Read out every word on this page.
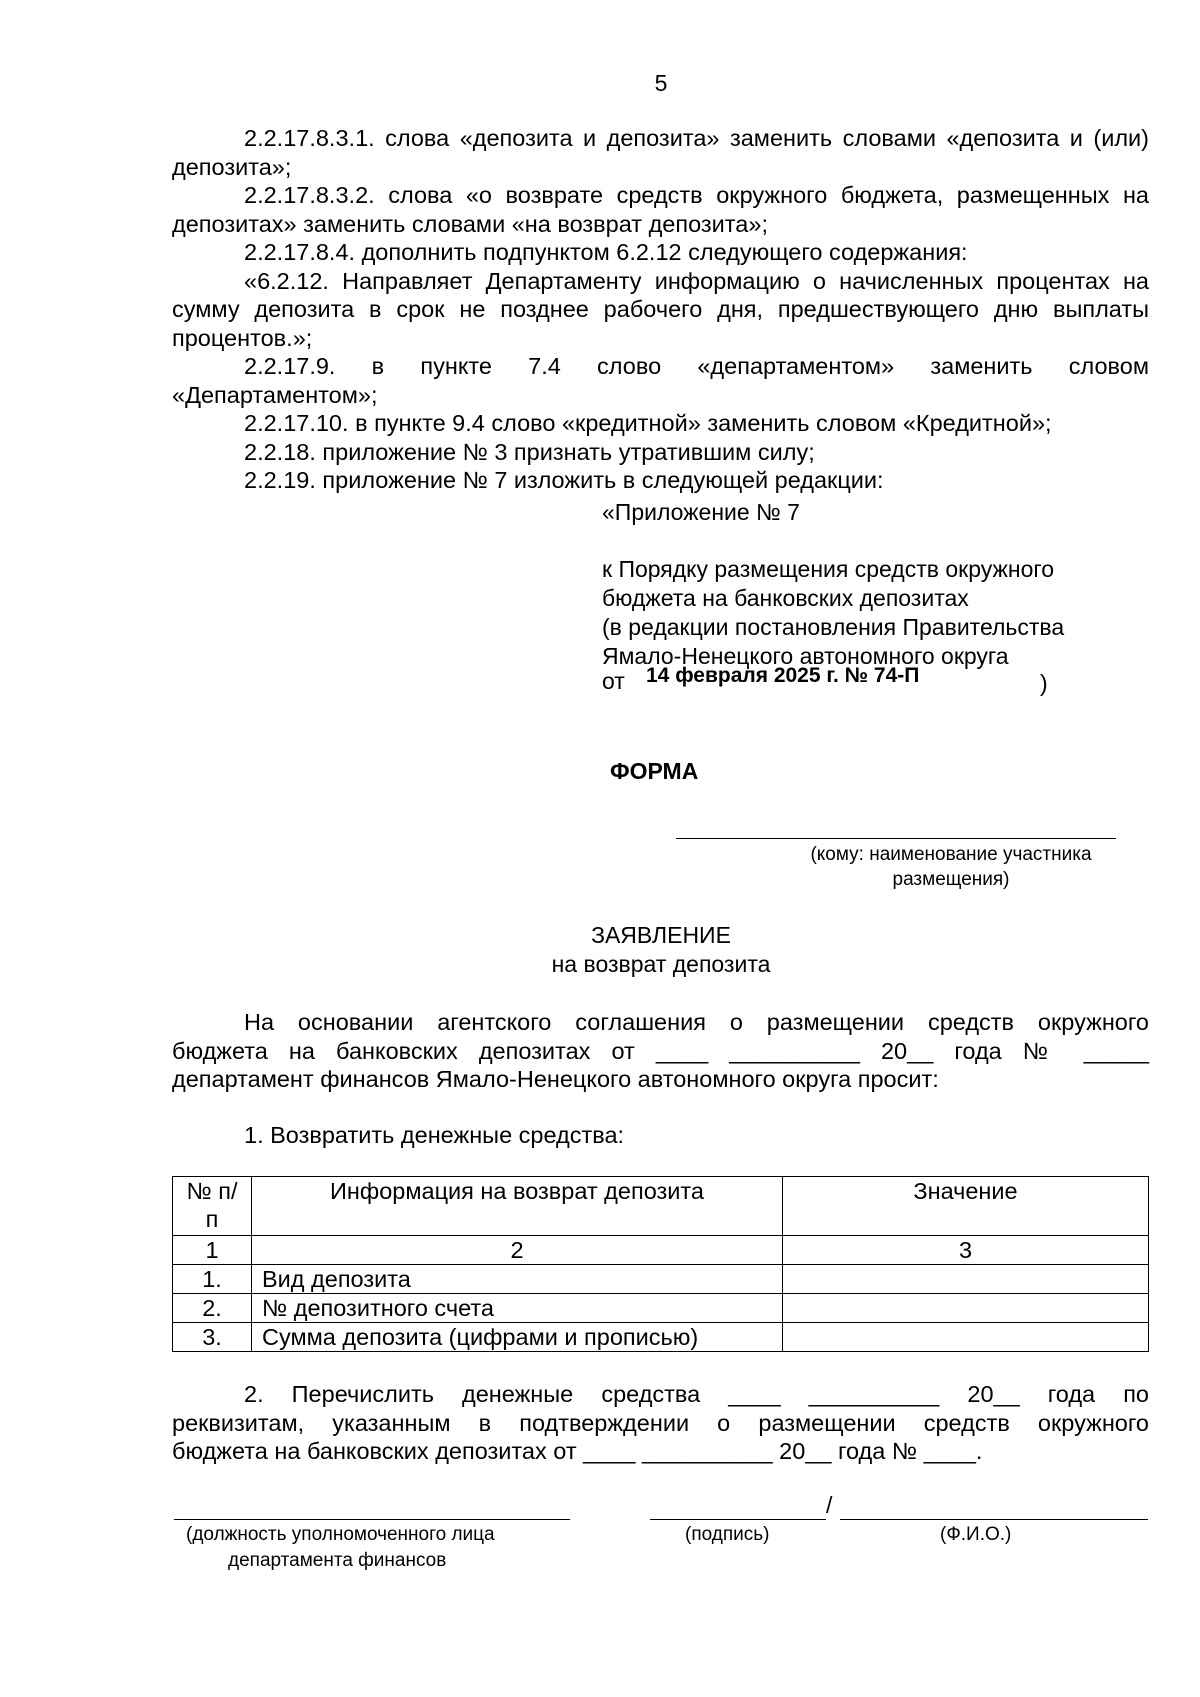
5

2.2.17.8.3.1. слова «депозита и депозита» заменить словами «депозита и (или) депозита»;

2.2.17.8.3.2. слова «о возврате средств окружного бюджета, размещенных на депозитах» заменить словами «на возврат депозита»;

2.2.17.8.4. дополнить подпунктом 6.2.12 следующего содержания:

«6.2.12. Направляет Департаменту информацию о начисленных процентах на сумму депозита в срок не позднее рабочего дня, предшествующего дню выплаты процентов.»;

2.2.17.9. в пункте 7.4 слово «департаментом» заменить словом «Департаментом»;

2.2.17.10. в пункте 9.4 слово «кредитной» заменить словом «Кредитной»;

2.2.18. приложение № 3 признать утратившим силу;

2.2.19. приложение № 7 изложить в следующей редакции:

«Приложение № 7
к Порядку размещения средств окружного
бюджета на банковских депозитах
(в редакции постановления Правительства
Ямало-Ненецкого автономного округа
от 14 февраля 2025 г. № 74-П	)
ФОРМА
(кому: наименование участника
размещения)
ЗАЯВЛЕНИЕ
на возврат депозита
На основании агентского соглашения о размещении средств окружного
бюджета на банковских депозитах от ____ __________ 20__ года № _____
департамент финансов Ямало-Ненецкого автономного округа просит:
1. Возвратить денежные средства:
№ п/п	Информация на возврат депозита	Значение
1	2	3
1.	Вид депозита	
2.	№ депозитного счета	
3.	Сумма депозита (цифрами и прописью)	
2. Перечислить денежные средства ____ __________ 20__ года по
реквизитам, указанным в подтверждении о размещении средств окружного
бюджета на банковских депозитах от ____ __________ 20__ года № ____.
/
(должность уполномоченного лица
департамента финансов
(подпись)	(Ф.И.О.)
